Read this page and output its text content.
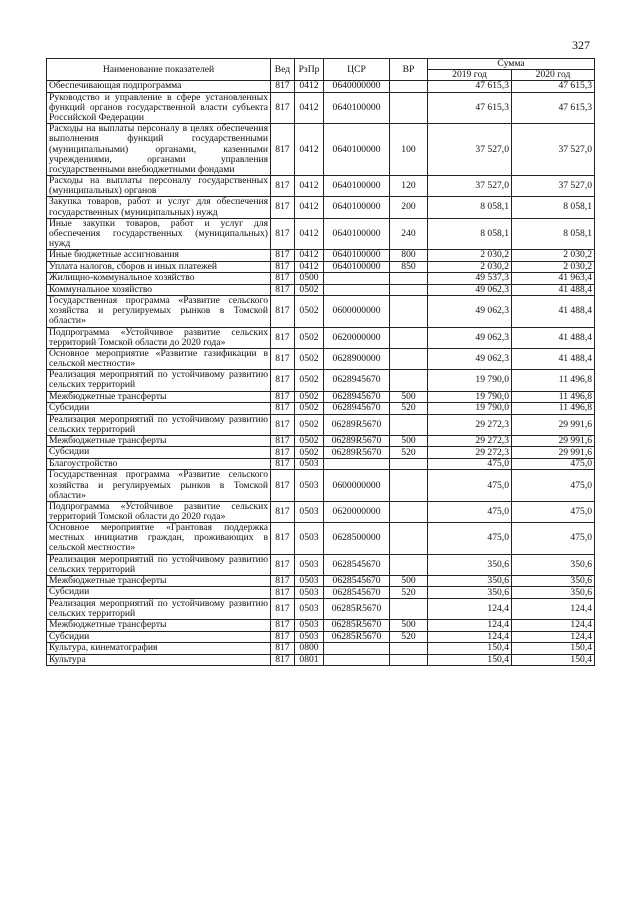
327
Наименование показателей	Вед	РзПр	ЦСР	ВР	Сумма	
					2019 год	2020 год
Обеспечивающая подпрограмма	817	0412	0640000000		47 615,3	47 615,3
Руководство и управление в сфере установленных функций органов государственной власти субъекта Российской Федерации	817	0412	0640100000		47 615,3	47 615,3
Расходы на выплаты персоналу в целях обеспечения выполнения функций государственными (муниципальными) органами, казенными учреждениями, органами управления государственными внебюджетными фондами	817	0412	0640100000	100	37 527,0	37 527,0
Расходы на выплаты персоналу государственных (муниципальных) органов	817	0412	0640100000	120	37 527,0	37 527,0
Закупка товаров, работ и услуг для обеспечения государственных (муниципальных) нужд	817	0412	0640100000	200	8 058,1	8 058,1
Иные закупки товаров, работ и услуг для обеспечения государственных (муниципальных) нужд	817	0412	0640100000	240	8 058,1	8 058,1
Иные бюджетные ассигнования	817	0412	0640100000	800	2 030,2	2 030,2
Уплата налогов, сборов и иных платежей	817	0412	0640100000	850	2 030,2	2 030,2
Жилищно-коммунальное хозяйство	817	0500			49 537,3	41 963,4
Коммунальное хозяйство	817	0502			49 062,3	41 488,4
Государственная программа «Развитие сельского хозяйства и регулируемых рынков в Томской области»	817	0502	0600000000		49 062,3	41 488,4
Подпрограмма «Устойчивое развитие сельских территорий Томской области до 2020 года»	817	0502	0620000000		49 062,3	41 488,4
Основное мероприятие «Развитие газификации в сельской местности»	817	0502	0628900000		49 062,3	41 488,4
Реализация мероприятий по устойчивому развитию сельских территорий	817	0502	0628945670		19 790,0	11 496,8
Межбюджетные трансферты	817	0502	0628945670	500	19 790,0	11 496,8
Субсидии	817	0502	0628945670	520	19 790,0	11 496,8
Реализация мероприятий по устойчивому развитию сельских территорий	817	0502	06289R5670		29 272,3	29 991,6
Межбюджетные трансферты	817	0502	06289R5670	500	29 272,3	29 991,6
Субсидии	817	0502	06289R5670	520	29 272,3	29 991,6
Благоустройство	817	0503			475,0	475,0
Государственная программа «Развитие сельского хозяйства и регулируемых рынков в Томской области»	817	0503	0600000000		475,0	475,0
Подпрограмма «Устойчивое развитие сельских территорий Томской области до 2020 года»	817	0503	0620000000		475,0	475,0
Основное мероприятие «Грантовая поддержка местных инициатив граждан, проживающих в сельской местности»	817	0503	0628500000		475,0	475,0
Реализация мероприятий по устойчивому развитию сельских территорий	817	0503	0628545670		350,6	350,6
Межбюджетные трансферты	817	0503	0628545670	500	350,6	350,6
Субсидии	817	0503	0628545670	520	350,6	350,6
Реализация мероприятий по устойчивому развитию сельских территорий	817	0503	06285R5670		124,4	124,4
Межбюджетные трансферты	817	0503	06285R5670	500	124,4	124,4
Субсидии	817	0503	06285R5670	520	124,4	124,4
Культура, кинематография	817	0800			150,4	150,4
Культура	817	0801			150,4	150,4
